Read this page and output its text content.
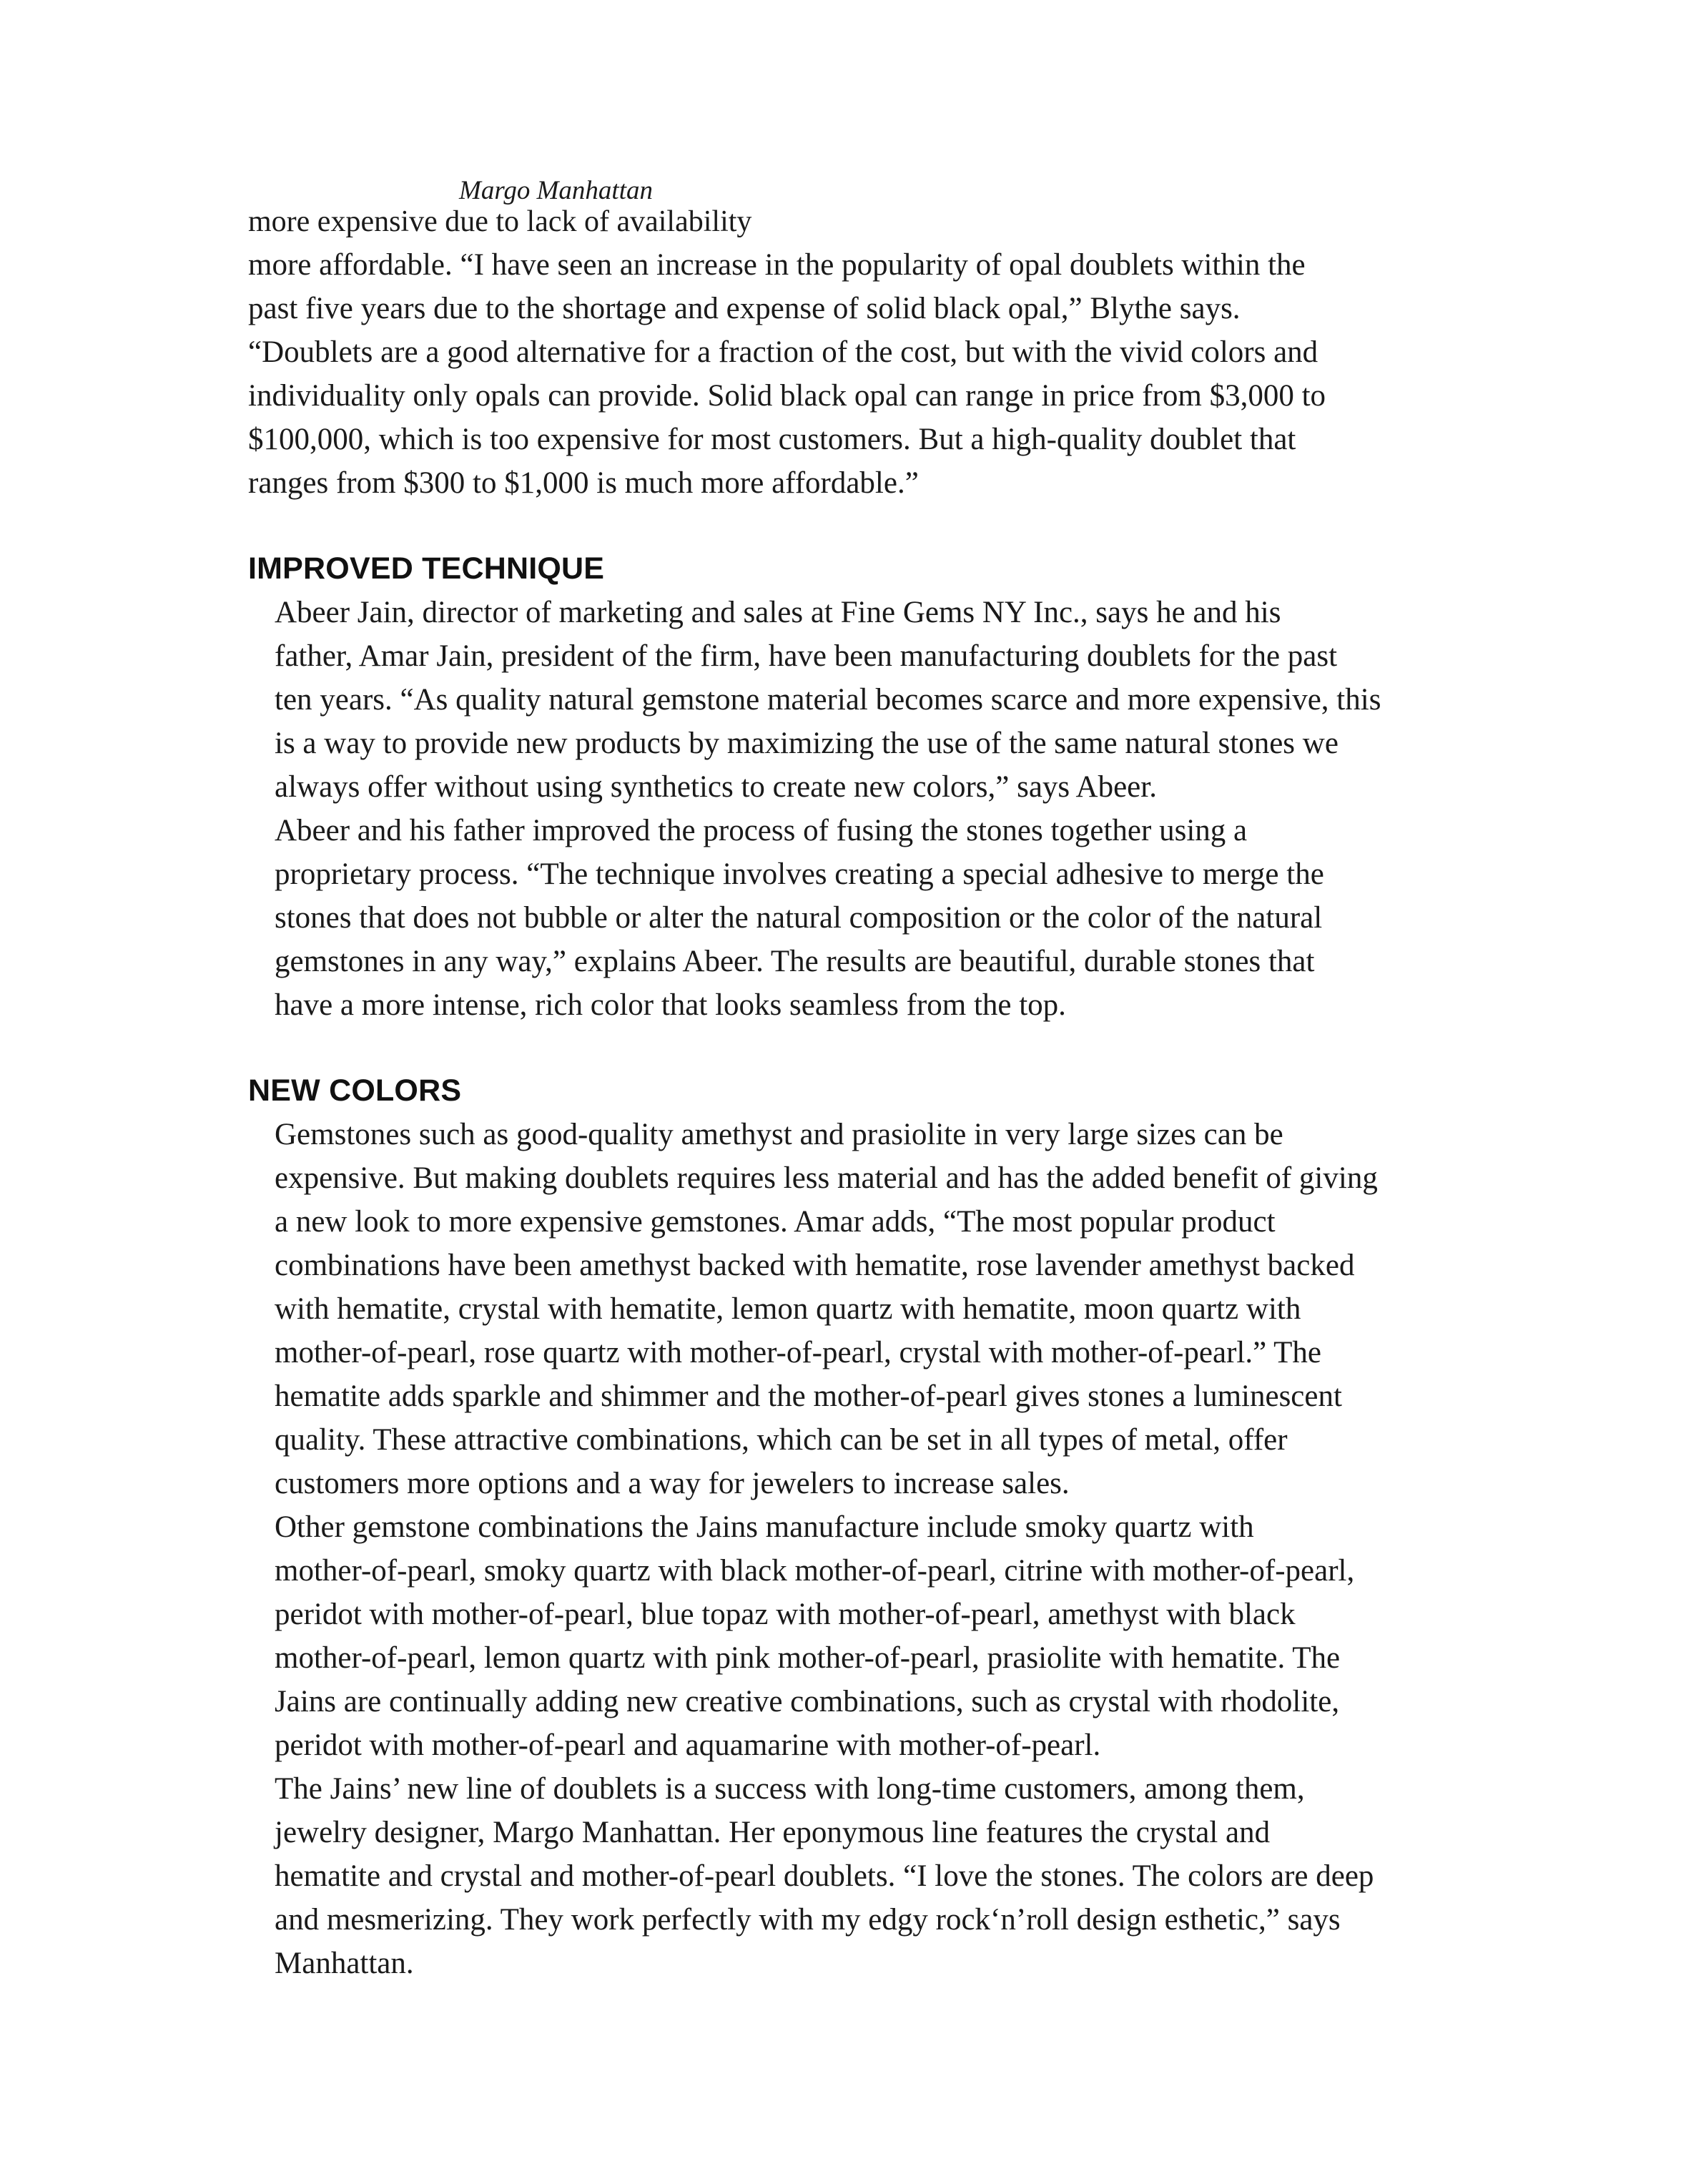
Margo Manhattan
more expensive due to lack of availability

more affordable. “I have seen an increase in the popularity of opal doublets within the
past five years due to the shortage and expense of solid black opal,” Blythe says.
“Doublets are a good alternative for a fraction of the cost, but with the vivid colors and
individuality only opals can provide. Solid black opal can range in price from $3,000 to
$100,000, which is too expensive for most customers. But a high-quality doublet that
ranges from $300 to $1,000 is much more affordable.”

IMPROVED TECHNIQUE

Abeer Jain, director of marketing and sales at Fine Gems NY Inc., says he and his
father, Amar Jain, president of the firm, have been manufacturing doublets for the past
ten years. “As quality natural gemstone material becomes scarce and more expensive, this
is a way to provide new products by maximizing the use of the same natural stones we
always offer without using synthetics to create new colors,” says Abeer.

Abeer and his father improved the process of fusing the stones together using a
proprietary process. “The technique involves creating a special adhesive to merge the
stones that does not bubble or alter the natural composition or the color of the natural
gemstones in any way,” explains Abeer. The results are beautiful, durable stones that
have a more intense, rich color that looks seamless from the top.

NEW COLORS

Gemstones such as good-quality amethyst and prasiolite in very large sizes can be
expensive. But making doublets requires less material and has the added benefit of giving
a new look to more expensive gemstones. Amar adds, “The most popular product
combinations have been amethyst backed with hematite, rose lavender amethyst backed
with hematite, crystal with hematite, lemon quartz with hematite, moon quartz with
mother-of-pearl, rose quartz with mother-of-pearl, crystal with mother-of-pearl.” The
hematite adds sparkle and shimmer and the mother-of-pearl gives stones a luminescent
quality. These attractive combinations, which can be set in all types of metal, offer
customers more options and a way for jewelers to increase sales.

Other gemstone combinations the Jains manufacture include smoky quartz with
mother-of-pearl, smoky quartz with black mother-of-pearl, citrine with mother-of-pearl,
peridot with mother-of-pearl, blue topaz with mother-of-pearl, amethyst with black
mother-of-pearl, lemon quartz with pink mother-of-pearl, prasiolite with hematite. The
Jains are continually adding new creative combinations, such as crystal with rhodolite,
peridot with mother-of-pearl and aquamarine with mother-of-pearl.

The Jains’ new line of doublets is a success with long-time customers, among them,
jewelry designer, Margo Manhattan. Her eponymous line features the crystal and
hematite and crystal and mother-of-pearl doublets. “I love the stones. The colors are deep
and mesmerizing. They work perfectly with my edgy rock‘n’roll design esthetic,” says
Manhattan.
